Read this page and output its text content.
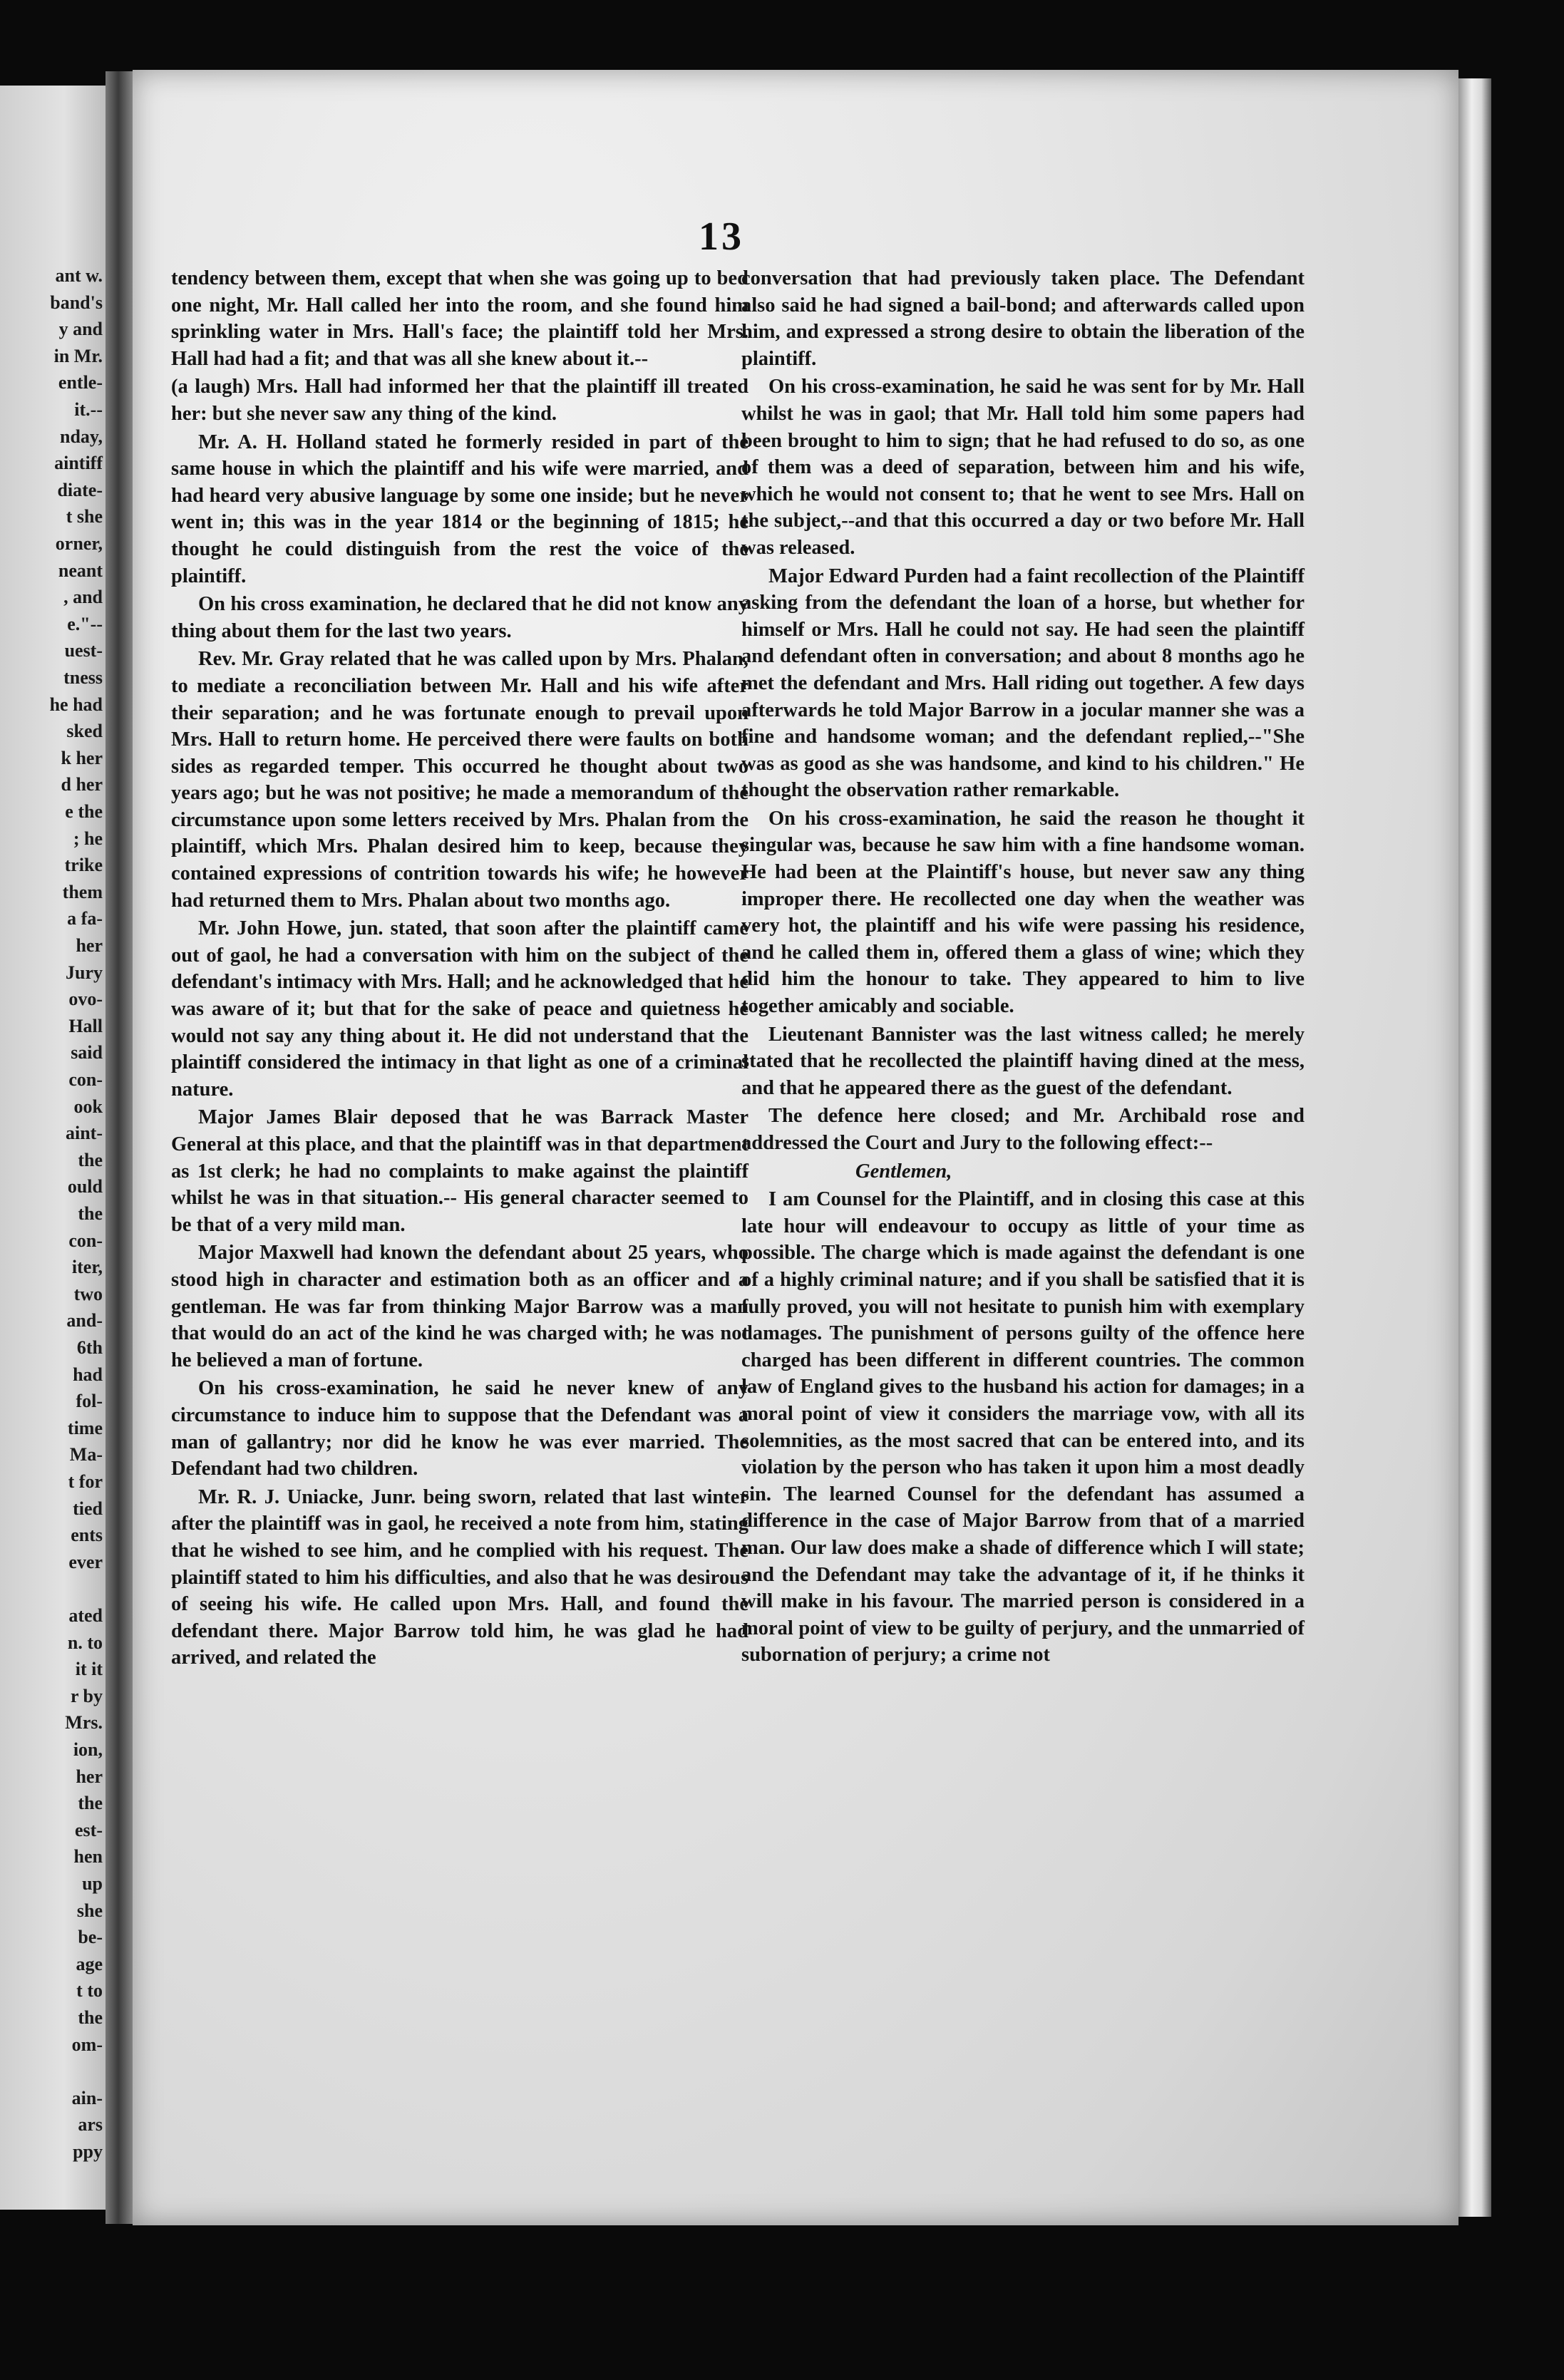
ant w.
band's
y and
in Mr.
entle-
it.--
nday,
aintiff
diate-
t she
orner,
neant
, and
e."--
uest-
tness
he had
sked
k her
d her
e the
; he
trike
them
a fa-
her
Jury
ovo-
Hall
said
con-
ook
aint-
the
ould
the
con-
iter,
two
and-
6th
had
fol-
time
Ma-
t for
tied
ents
ever
ated
n. to
it it
r by
Mrs.
ion,
her
the
est-
hen
up
she
be-
age
t to
the
om-
ain-
ars
ppy
13

tendency between them, except that when she was going up to bed one night, Mr. Hall called her into the room, and she found him sprinkling water in Mrs. Hall's face; the plaintiff told her Mrs. Hall had had a fit; and that was all she knew about it.--

(a laugh) Mrs. Hall had informed her that the plaintiff ill treated her: but she never saw any thing of the kind.

Mr. A. H. Holland stated he formerly resided in part of the same house in which the plaintiff and his wife were married, and had heard very abusive language by some one inside; but he never went in; this was in the year 1814 or the beginning of 1815; he thought he could distinguish from the rest the voice of the plaintiff.

On his cross examination, he declared that he did not know any thing about them for the last two years.

Rev. Mr. Gray related that he was called upon by Mrs. Phalan, to mediate a reconciliation between Mr. Hall and his wife after their separation; and he was fortunate enough to prevail upon Mrs. Hall to return home. He perceived there were faults on both sides as regarded temper. This occurred he thought about two years ago; but he was not positive; he made a memorandum of the circumstance upon some letters received by Mrs. Phalan from the plaintiff, which Mrs. Phalan desired him to keep, because they contained expressions of contrition towards his wife; he however had returned them to Mrs. Phalan about two months ago.

Mr. John Howe, jun. stated, that soon after the plaintiff came out of gaol, he had a conversation with him on the subject of the defendant's intimacy with Mrs. Hall; and he acknowledged that he was aware of it; but that for the sake of peace and quietness he would not say any thing about it. He did not understand that the plaintiff considered the intimacy in that light as one of a criminal nature.

Major James Blair deposed that he was Barrack Master General at this place, and that the plaintiff was in that department as 1st clerk; he had no complaints to make against the plaintiff whilst he was in that situation.-- His general character seemed to be that of a very mild man.

Major Maxwell had known the defendant about 25 years, who stood high in character and estimation both as an officer and a gentleman. He was far from thinking Major Barrow was a man that would do an act of the kind he was charged with; he was not he believed a man of fortune.

On his cross-examination, he said he never knew of any circumstance to induce him to suppose that the Defendant was a man of gallantry; nor did he know he was ever married. The Defendant had two children.

Mr. R. J. Uniacke, Junr. being sworn, related that last winter after the plaintiff was in gaol, he received a note from him, stating that he wished to see him, and he complied with his request. The plaintiff stated to him his difficulties, and also that he was desirous of seeing his wife. He called upon Mrs. Hall, and found the defendant there. Major Barrow told him, he was glad he had arrived, and related the

conversation that had previously taken place. The Defendant also said he had signed a bail-bond; and afterwards called upon him, and expressed a strong desire to obtain the liberation of the plaintiff.

On his cross-examination, he said he was sent for by Mr. Hall whilst he was in gaol; that Mr. Hall told him some papers had been brought to him to sign; that he had refused to do so, as one of them was a deed of separation, between him and his wife, which he would not consent to; that he went to see Mrs. Hall on the subject,--and that this occurred a day or two before Mr. Hall was released.

Major Edward Purden had a faint recollection of the Plaintiff asking from the defendant the loan of a horse, but whether for himself or Mrs. Hall he could not say. He had seen the plaintiff and defendant often in conversation; and about 8 months ago he met the defendant and Mrs. Hall riding out together. A few days afterwards he told Major Barrow in a jocular manner she was a fine and handsome woman; and the defendant replied,--"She was as good as she was handsome, and kind to his children." He thought the observation rather remarkable.

On his cross-examination, he said the reason he thought it singular was, because he saw him with a fine handsome woman. He had been at the Plaintiff's house, but never saw any thing improper there. He recollected one day when the weather was very hot, the plaintiff and his wife were passing his residence, and he called them in, offered them a glass of wine; which they did him the honour to take. They appeared to him to live together amicably and sociable.

Lieutenant Bannister was the last witness called; he merely stated that he recollected the plaintiff having dined at the mess, and that he appeared there as the guest of the defendant.

The defence here closed; and Mr. Archibald rose and addressed the Court and Jury to the following effect:--

Gentlemen,

I am Counsel for the Plaintiff, and in closing this case at this late hour will endeavour to occupy as little of your time as possible. The charge which is made against the defendant is one of a highly criminal nature; and if you shall be satisfied that it is fully proved, you will not hesitate to punish him with exemplary damages. The punishment of persons guilty of the offence here charged has been different in different countries. The common law of England gives to the husband his action for damages; in a moral point of view it considers the marriage vow, with all its solemnities, as the most sacred that can be entered into, and its violation by the person who has taken it upon him a most deadly sin. The learned Counsel for the defendant has assumed a difference in the case of Major Barrow from that of a married man. Our law does make a shade of difference which I will state; and the Defendant may take the advantage of it, if he thinks it will make in his favour. The married person is considered in a moral point of view to be guilty of perjury, and the unmarried of subornation of perjury; a crime not
